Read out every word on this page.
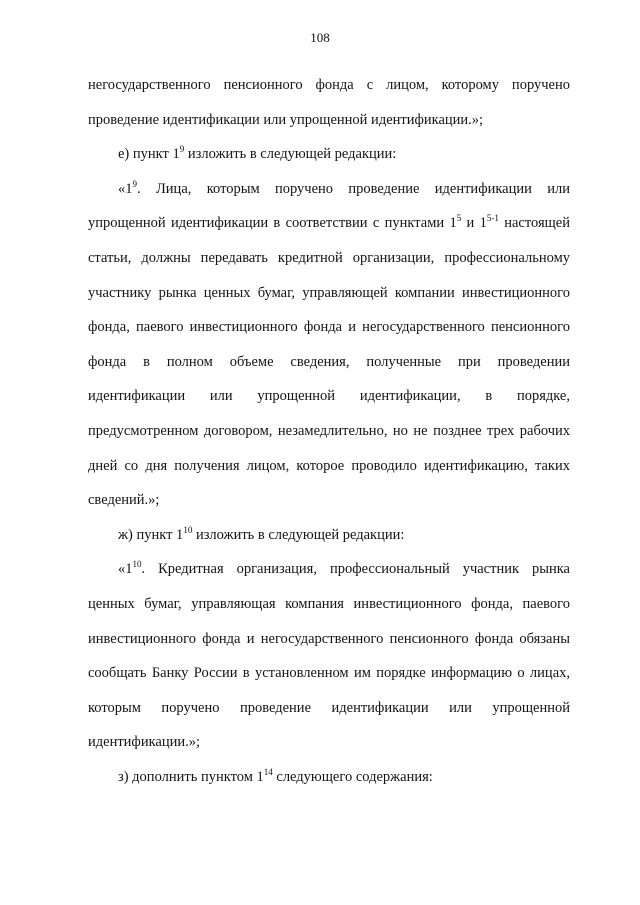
108

негосударственного пенсионного фонда с лицом, которому поручено проведение идентификации или упрощенной идентификации.»;

е) пункт $1^9$ изложить в следующей редакции:

«$1^9$. Лица, которым поручено проведение идентификации или упрощенной идентификации в соответствии с пунктами $1^5$ и 1$^{5-1}$ настоящей статьи, должны передавать кредитной организации, профессиональному участнику рынка ценных бумаг, управляющей компании инвестиционного фонда, паевого инвестиционного фонда и негосударственного пенсионного фонда в полном объеме сведения, полученные при проведении идентификации или упрощенной идентификации, в порядке, предусмотренном договором, незамедлительно, но не позднее трех рабочих дней со дня получения лицом, которое проводило идентификацию, таких сведений.»;

ж) пункт $1^{10}$ изложить в следующей редакции:

«$1^{10}$. Кредитная организация, профессиональный участник рынка ценных бумаг, управляющая компания инвестиционного фонда, паевого инвестиционного фонда и негосударственного пенсионного фонда обязаны сообщать Банку России в установленном им порядке информацию о лицах, которым поручено проведение идентификации или упрощенной идентификации.»;

з) дополнить пунктом $1^{14}$ следующего содержания:
